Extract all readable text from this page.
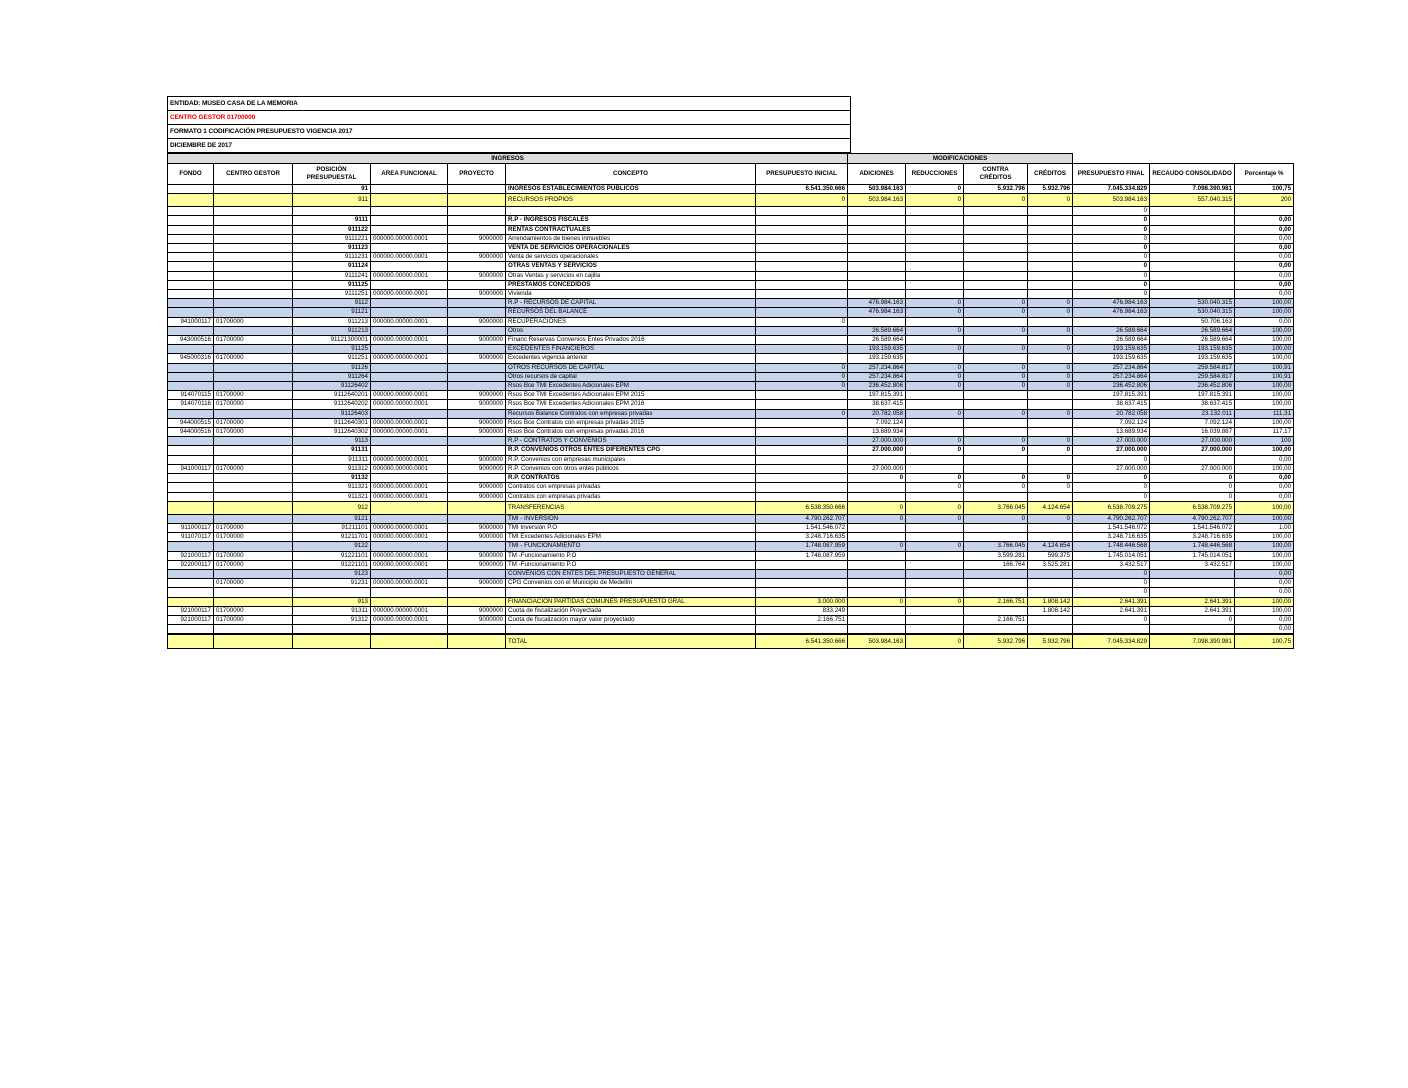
ENTIDAD: MUSEO CASA DE LA MEMORIA
CENTRO GESTOR 01700000
FORMATO 1 CODIFICACIÓN PRESUPUESTO VIGENCIA 2017
DICIEMBRE DE 2017
INGRESOS							MODIFICACIONES						
FONDO	CENTRO GESTOR	POSICIÓN PRESUPUESTAL	AREA FUNCIONAL	PROYECTO	CONCEPTO	PRESUPUESTO INICIAL	ADICIONES	REDUCCIONES	CONTRA CRÉDITOS	CRÉDITOS	PRESUPUESTO FINAL	RECAUDO CONSOLIDADO	Porcentaje %
		91			INGRESOS ESTABLECIMIENTOS PUBLICOS	6.541.350.666	503.984.163	0	5.932.796	5.932.796	7.045.334.829	7.098.390.981	100,75
		911			RECURSOS PROPIOS	0	503.984.163	0	0	0	503.984.163	557.040.315	200
											0		
		9111			R.P - INGRESOS FISCALES						0		0,00
		911122			RENTAS CONTRACTUALES						0		0,00
		9111221	000000.00000.0001	9000000	Arrendamientos de bienes inmuebles						0		0,00
		911123			VENTA DE SERVICIOS OPERACIONALES						0		0,00
		9111231	000000.00000.0001	9000000	Venta de servicios operacionales						0		0,00
		911124			OTRAS VENTAS Y SERVICIOS						0		0,00
		9111241	000000.00000.0001	9000000	Otras Ventas y servicios en cajilla						0		0,00
		911125			PRÉSTAMOS CONCEDIDOS						0		0,00
		9111251	000000.00000.0001	9000000	Vivienda						0		0,00
		9112			R.P - RECURSOS DE CAPITAL		476.984.163	0	0	0	476.984.163	530.040.315	100,00
		91121			RECURSOS DEL BALANCE		476.984.163	0	0	0	476.984.163	530.040.315	100,00
941000117	01700000	911213	000000.00000.0001	9000000	RECUPERACIONES	0						50.706.163	0,00
		911213			Otros		26.589.664	0	0	0	26.589.664	26.589.664	100,00
943000516	01700000	91121300001	000000.00000.0001	9000000	Fínanc Reservas Convenios Entes Privados 2016		26.589.664				26.589.664	26.589.664	100,00
		91125			EXCEDENTES FINANCIEROS		193.159.635	0	0	0	193.159.635	193.159.635	100,00
945000316	01700000	911251	000000.00000.0001	9000000	Excedentes vigencia anterior		193.159.635				193.159.635	193.159.635	100,00
		91126			OTROS RECURSOS DE CAPITAL	0	257.234.864	0	0	0	257.234.864	259.584.817	100,91
		911264			Otros recursos de capital	0	257.234.864	0	0	0	257.234.864	259.584.817	100,91
		91126402			Rsos Bce TMI Excedentes Adicionales EPM	0	236.452.806	0	0	0	236.452.806	236.452.806	100,00
914070115	01700000	9112640201	000000.00000.0001	9000000	Rsos Bce TMI Excedentes Adicionales EPM 2015		197.815.391				197.815.391	197.815.391	100,00
914070116	01700000	9112640202	000000.00000.0001	9000000	Rsos Bce TMI Excedentes Adicionales EPM 2016		38.637.415				38.637.415	38.637.415	100,00
		91126403			Recursos Balance Contratos con empresas privadas	0	20.782.058	0	0	0	20.782.058	23.132.011	111,31
944000515	01700000	9112640301	000000.00000.0001	9000000	Rsos Bce Contratos con empresas privadas 2015		7.092.124				7.092.124	7.092.124	100,00
944000516	01700000	9112640302	000000.00000.0001	9000000	Rsos Bce Contratos con empresas privadas 2016		13.689.934				13.689.934	16.039.887	117,17
		9113			R.P - CONTRATOS Y CONVENIOS		27.000.000	0	0	0	27.000.000	27.000.000	100
		91131			R.P. CONVENIOS OTROS ENTES DIFERENTES CPG		27.000.000	0	0	0	27.000.000	27.000.000	100,00
		911311	000000.00000.0001	9000000	R.P. Convenios con empresas municipales						0		0,00
941000117	01700000	911312	000000.00000.0001	9000000	R.P. Convenios con otros entes públicos		27.000.000				27.000.000	27.000.000	100,00
		91132			R.P. CONTRATOS		0	0	0	0	0	0	0,00
		911321	000000.00000.0001	9000000	Contratos con empresas privadas			0	0	0	0	0	0,00
		911321	000000.00000.0001	9000000	Contratos con empresas privadas						0	0	0,00
		912			TRANSFERENCIAS	6.538.350.666	0	0	3.766.045	4.124.654	6.538.709.275	6.538.709.275	100,00
		9121			TMI - INVERSIÓN	4.790.262.707	0	0	0	0	4.790.262.707	4.790.262.707	100,00
911000117	01700000	91211101	000000.00000.0001	9000000	TMI Inversión P.O	1.541.546.072					1.541.546.072	1.541.546.072	1,00
911070117	01700000	91211701	000000.00000.0001	9000000	TMI Excedentes Adicionales EPM	3.248.716.635					3.248.716.635	3.248.716.635	100,00
		9122			TMI - FUNCIONAMIENTO	1.748.087.959	0	0	3.766.045	4.124.654	1.748.446.568	1.748.446.568	100,00
921000117	01700000	91221101	000000.00000.0001	9000000	TM -Funcionamiento P.O	1.748.087.959			3.599.281	599.375	1.745.014.051	1.745.014.051	100,00
922000117	01700000	91221101	000000.00000.0001	9000000	TM -Funcionamiento P.O				166.764	3.525.281	3.432.517	3.432.517	100,00
		9123			CONVENIOS CON ENTES DEL PRESUPUESTO GENERAL						0		0,00
	01700000	91231	000000.00000.0001	9000000	CPG Convenios con el Municipio de Medellín						0		0,00
											0		0,00
		913			FINANCIACIÓN PARTIDAS COMUNES PRESUPUESTO GRAL	3.000.000	0	0	2.166.751	1.808.142	2.641.391	2.641.391	100,00
921000117	01700000	91311	000000.00000.0001	9000000	Cuota de fiscalización Proyectada	833.249				1.808.142	2.641.391	2.641.391	100,00
921000117	01700000	91312	000000.00000.0001	9000000	Cuota de fiscalización mayor valor proyectado	2.166.751			2.166.751		0	0	0,00
													0,00
					TOTAL	6.541.350.666	503.984.163	0	5.932.796	5.932.796	7.045.334.829	7.098.390.981	100,75
